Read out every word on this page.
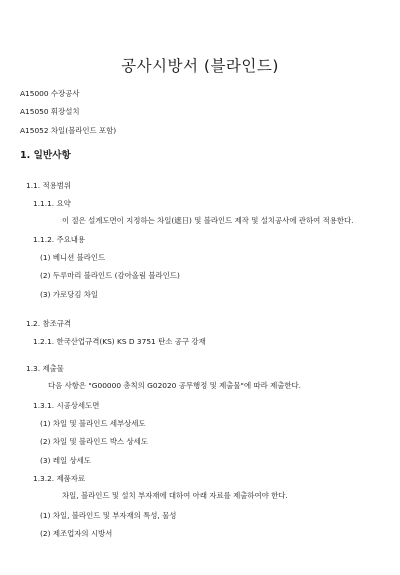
공사시방서 (블라인드)
A15000 수장공사
A15050 휘장설치
A15052 차일(블라인드 포함)
1. 일반사항
1.1. 적용범위
1.1.1. 요약
이 절은 설계도면이 지정하는 차일(遮日) 및 블라인드 제작 및 설치공사에 관하여 적용한다.
1.1.2. 주요내용
(1) 베니션 블라인드
(2) 두루마리 블라인드 (감아올림 블라인드)
(3) 가로당김 차일
1.2. 참조규격
1.2.1. 한국산업규격(KS) KS D 3751 탄소 공구 강재
1.3. 제출물
다음 사항은 "G00000 총칙의 G02020 공무행정 및 제출물"에 따라 제출한다.
1.3.1. 시공상세도면
(1) 차일 및 블라인드 세부상세도
(2) 차일 및 블라인드 박스 상세도
(3) 레일 상세도
1.3.2. 제품자료
차일, 블라인드 및 설치 부자재에 대하여 아래 자료를 제출하여야 한다.
(1) 차일, 블라인드 및 부자재의 특성, 물성
(2) 제조업자의 시방서
